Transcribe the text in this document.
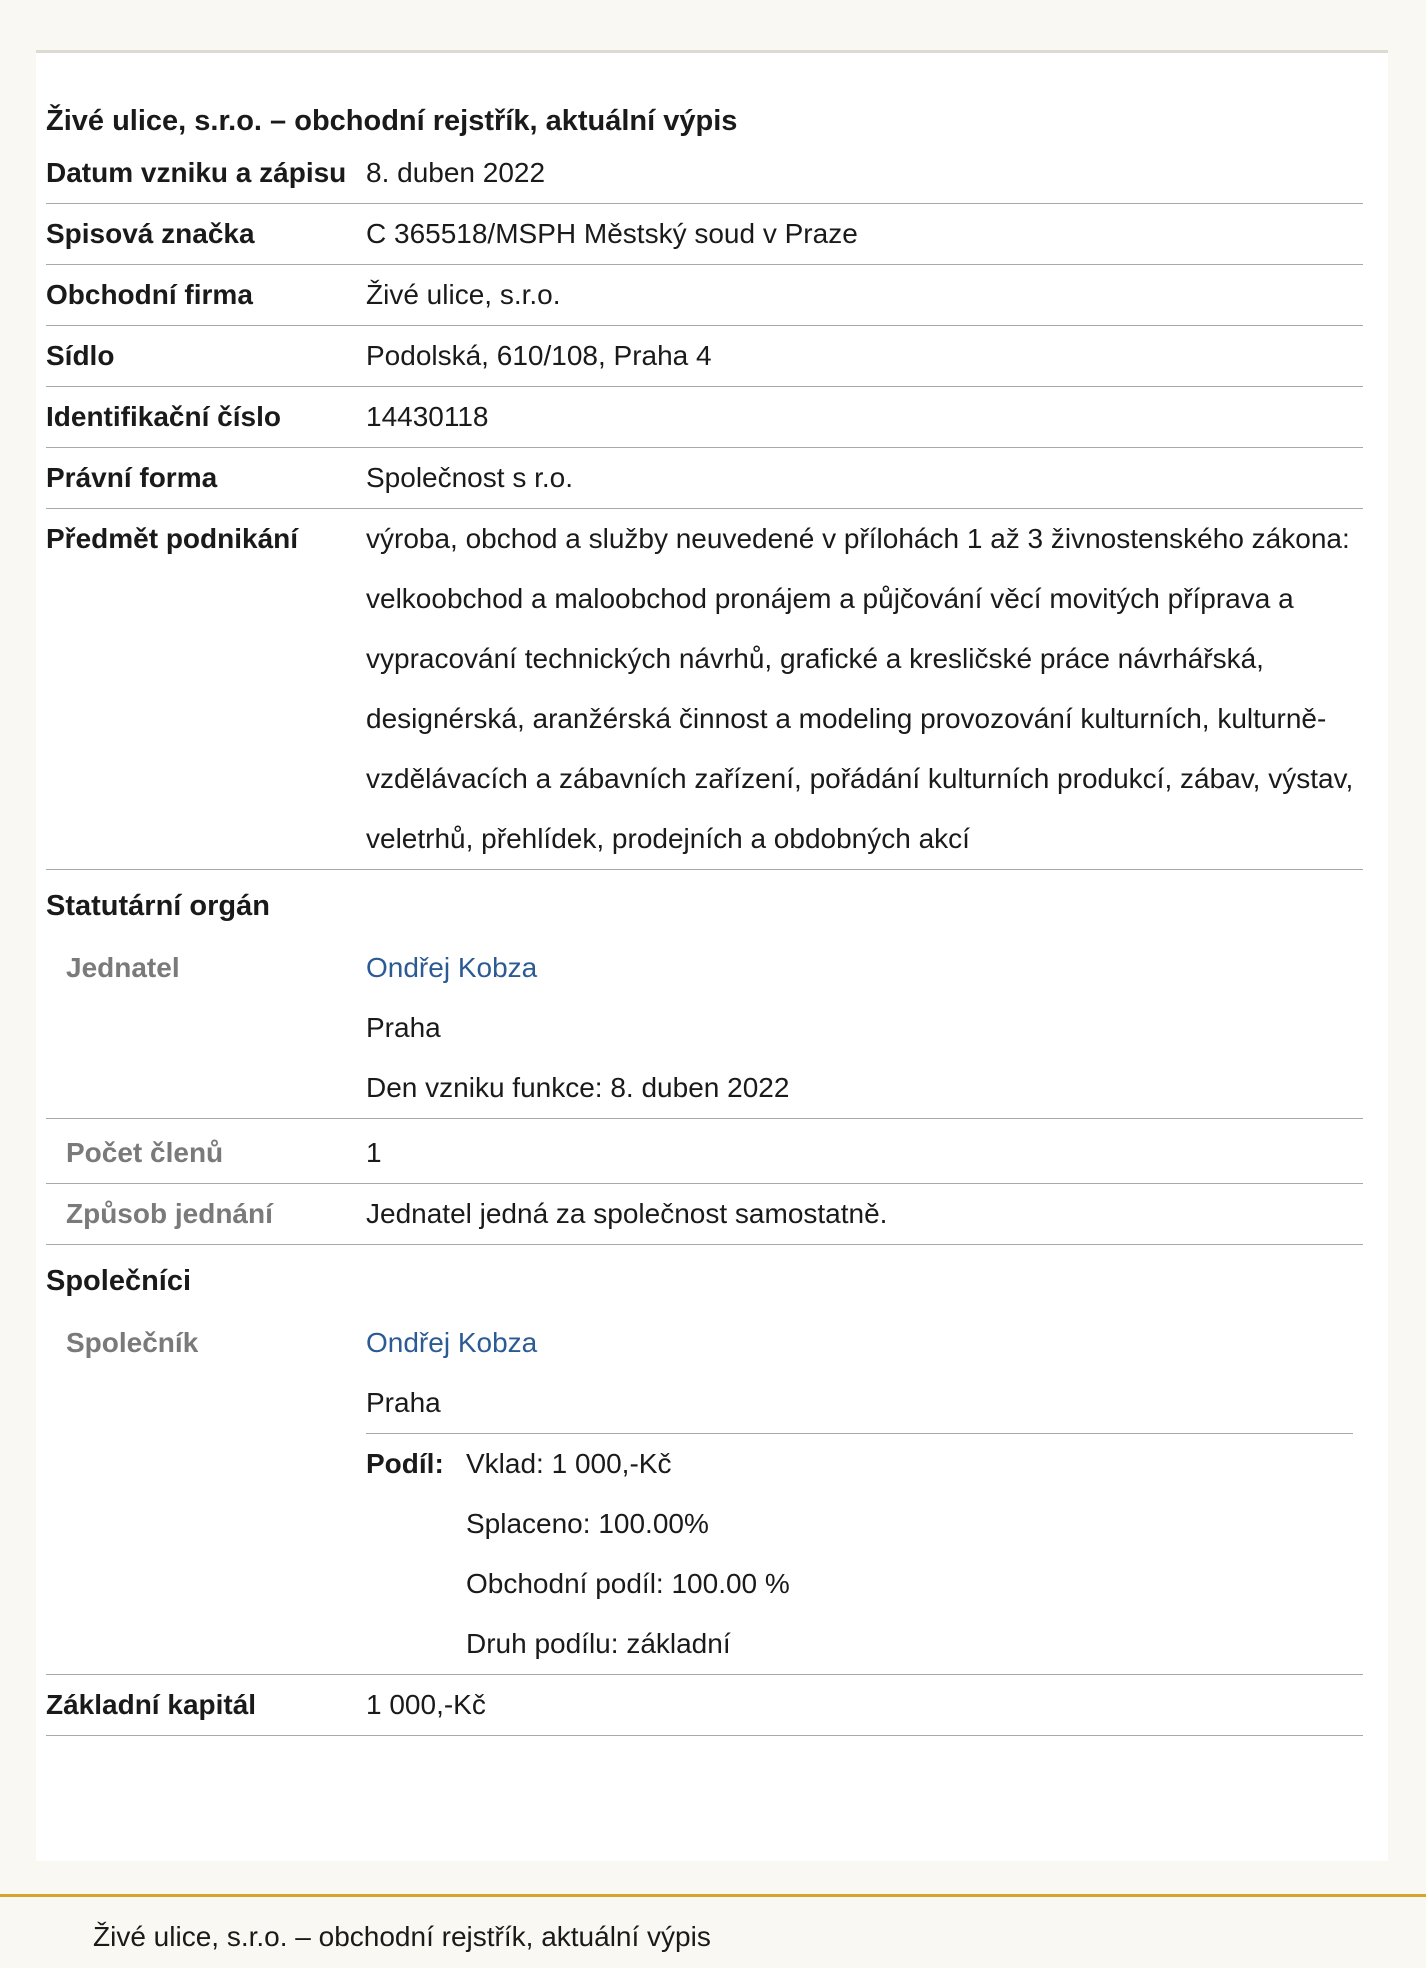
Živé ulice, s.r.o. – obchodní rejstřík, aktuální výpis
Datum vzniku a zápisu 8. duben 2022
Spisová značka	C 365518/MSPH Městský soud v Praze
Obchodní firma	Živé ulice, s.r.o.
Sídlo	Podolská, 610/108, Praha 4
Identifikační číslo	14430118
Právní forma	Společnost s r.o.
Předmět podnikání	výroba, obchod a služby neuvedené v přílohách 1 až 3 živnostenského zákona: velkoobchod a maloobchod pronájem a půjčování věcí movitých příprava a vypracování technických návrhů, grafické a kresličské práce návrhářská, designérská, aranžérská činnost a modeling provozování kulturních, kulturně-vzdělávacích a zábavních zařízení, pořádání kulturních produkcí, zábav, výstav, veletrhů, přehlídek, prodejních a obdobných akcí
Statutární orgán
Jednatel	Ondřej Kobza

Praha

Den vzniku funkce: 8. duben 2022

Počet členů	1
Způsob jednání	Jednatel jedná za společnost samostatně.
Společníci
Společník	Ondřej Kobza

Praha

Podíl: Vklad: 1 000,-Kč

Splaceno: 100.00%

Obchodní podíl: 100.00 %

Druh podílu: základní

Základní kapitál	1 000,-Kč
Živé ulice, s.r.o. – obchodní rejstřík, aktuální výpis
